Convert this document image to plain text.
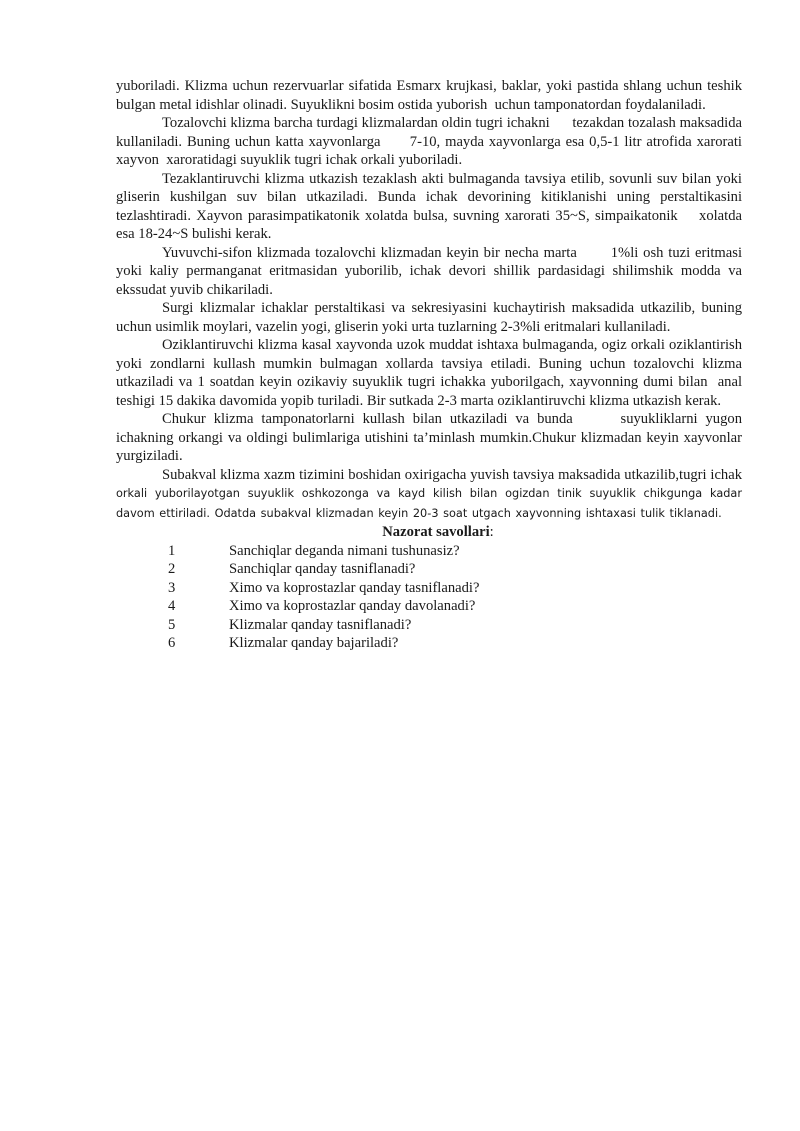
yuboriladi. Klizma uchun rezervuarlar sifatida Esmarx krujkasi, baklar, yoki pastida shlang uchun teshik bulgan metal idishlar olinadi. Suyuklikni bosim ostida yuborish  uchun tamponatordan foydalaniladi.

Tozalovchi klizma barcha turdagi klizmalardan oldin tugri ichakni      tezakdan tozalash maksadida kullaniladi. Buning uchun katta xayvonlarga      7-10, mayda xayvonlarga esa 0,5-1 litr atrofida xarorati xayvon  xaroratidagi suyuklik tugri ichak orkali yuboriladi.

Tezaklantiruvchi klizma utkazish tezaklash akti bulmaganda tavsiya etilib, sovunli suv bilan yoki gliserin kushilgan suv bilan utkaziladi. Bunda ichak devorining kitiklanishi uning perstaltikasini tezlashtiradi. Xayvon parasimpatikatonik xolatda bulsa, suvning xarorati 35~S, simpaikatonik    xolatda esa 18-24~S bulishi kerak.

Yuvuvchi-sifon klizmada tozalovchi klizmadan keyin bir necha marta       1%li osh tuzi eritmasi yoki kaliy permanganat eritmasidan yuborilib, ichak devori shillik pardasidagi shilimshik modda va ekssudat yuvib chikariladi.

Surgi klizmalar ichaklar perstaltikasi va sekresiyasini kuchaytirish maksadida utkazilib, buning uchun usimlik moylari, vazelin yogi, gliserin yoki urta tuzlarning 2-3%li eritmalari kullaniladi.

Oziklantiruvchi klizma kasal xayvonda uzok muddat ishtaxa bulmaganda, ogiz orkali oziklantirish yoki zondlarni kullash mumkin bulmagan xollarda tavsiya etiladi. Buning uchun tozalovchi klizma utkaziladi va 1 soatdan keyin ozikaviy suyuklik tugri ichakka yuborilgach, xayvonning dumi bilan  anal teshigi 15 dakika davomida yopib turiladi. Bir sutkada 2-3 marta oziklantiruvchi klizma utkazish kerak.

Chukur klizma tamponatorlarni kullash bilan utkaziladi va bunda      suyukliklarni yugon ichakning orkangi va oldingi bulimlariga utishini ta’minlash mumkin.Chukur klizmadan keyin xayvonlar yurgiziladi.

Subakval klizma xazm tizimini boshidan oxirigacha yuvish tavsiya maksadida utkazilib,tugri ichak orkali yuborilayotgan suyuklik oshkozonga va kayd kilish bilan ogizdan tinik suyuklik chikgunga kadar davom ettiriladi. Odatda subakval klizmadan keyin 20-3 soat utgach xayvonning ishtaxasi tulik tiklanadi.

Nazorat savollari:

1	Sanchiqlar deganda nimani tushunasiz?
2	Sanchiqlar qanday tasniflanadi?
3	Ximo va koprostazlar qanday tasniflanadi?
4	Ximo va koprostazlar qanday davolanadi?
5	Klizmalar qanday tasniflanadi?
6	Klizmalar qanday bajariladi?
